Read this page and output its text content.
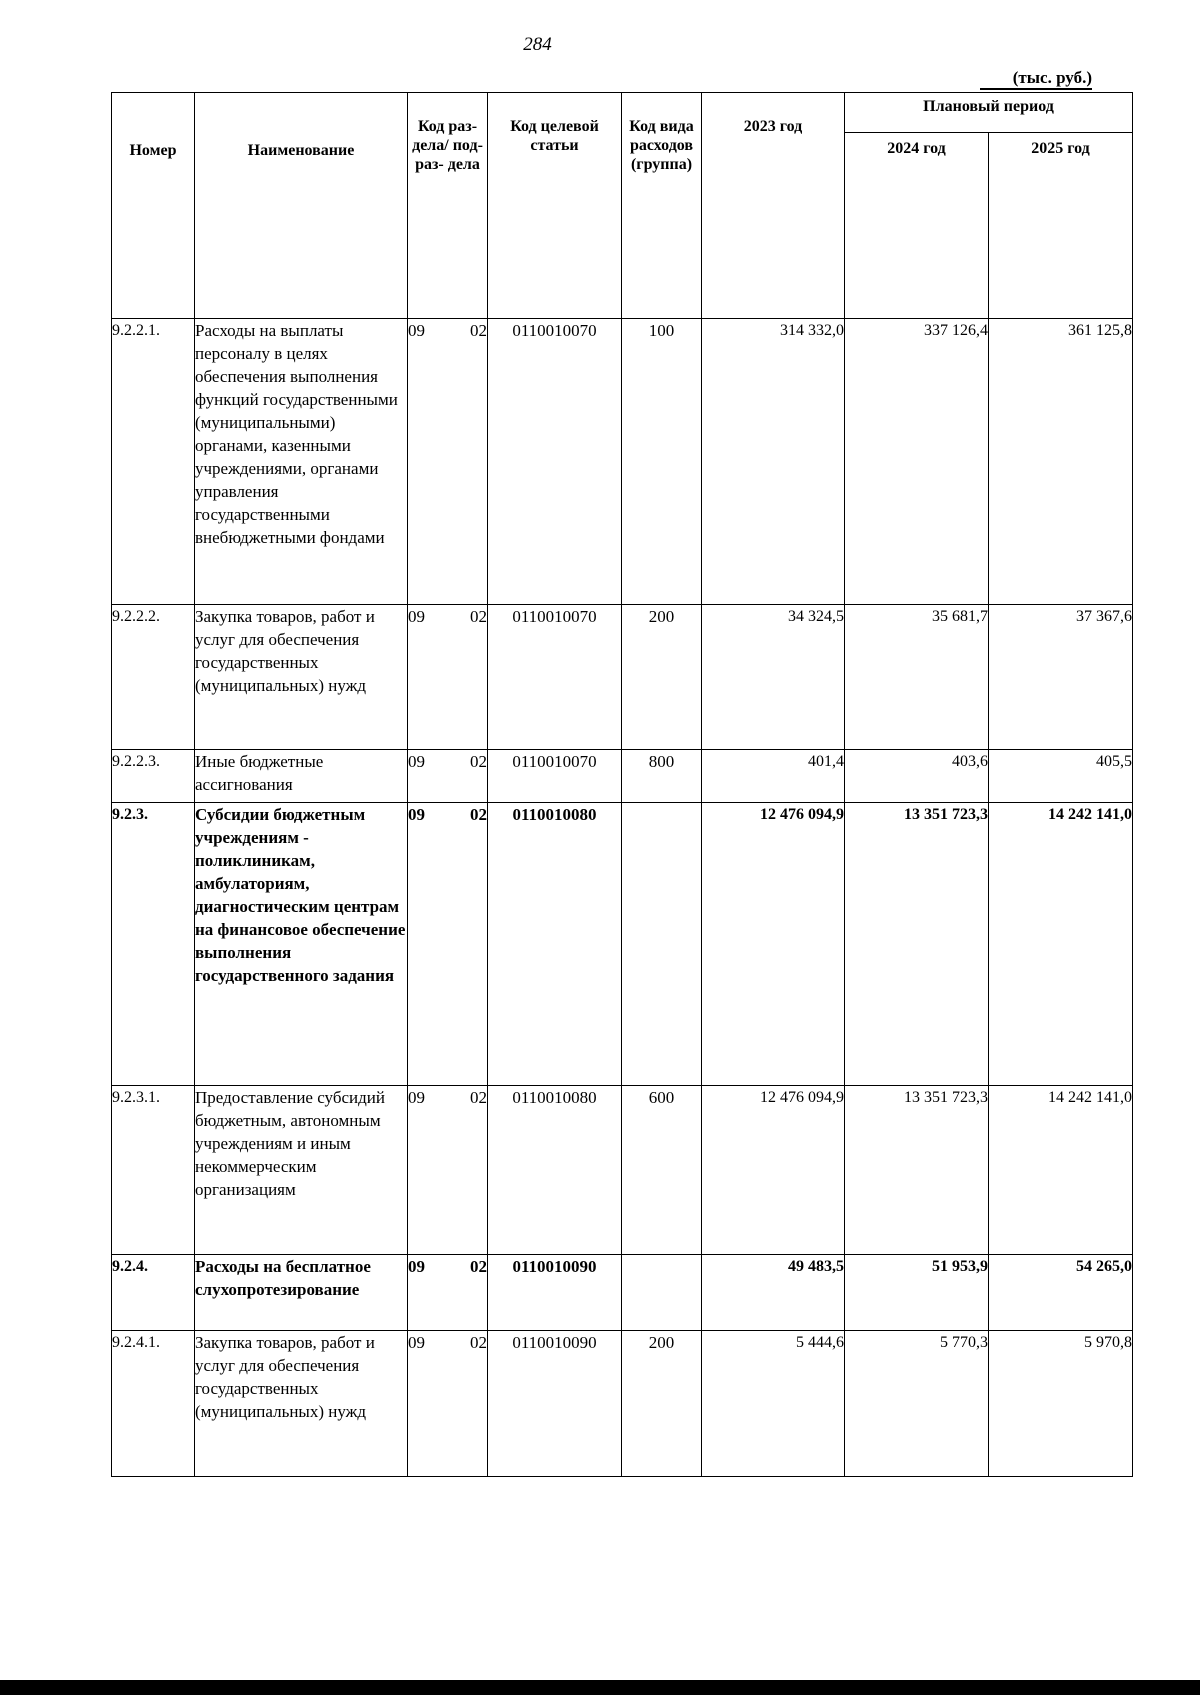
284
(тыс. руб.)
Номер	Наименование	Код раз- дела/ под- раз- дела	Код целевой статьи	Код вида расходов (группа)	2023 год	Плановый период	
						2024 год	2025 год
9.2.2.1.	Расходы на выплаты персоналу в целях обеспечения выполнения функций государственными (муниципальными) органами, казенными учреждениями, органами управления государственными внебюджетными фондами	09 02	0110010070	100	314 332,0	337 126,4	361 125,8
9.2.2.2.	Закупка товаров, работ и услуг для обеспечения государственных (муниципальных) нужд	09 02	0110010070	200	34 324,5	35 681,7	37 367,6
9.2.2.3.	Иные бюджетные ассигнования	09 02	0110010070	800	401,4	403,6	405,5
9.2.3.	Субсидии бюджетным учреждениям - поликлиникам, амбулаториям, диагностическим центрам на финансовое обеспечение выполнения государственного задания	09 02	0110010080		12 476 094,9	13 351 723,3	14 242 141,0
9.2.3.1.	Предоставление субсидий бюджетным, автономным учреждениям и иным некоммерческим организациям	09 02	0110010080	600	12 476 094,9	13 351 723,3	14 242 141,0
9.2.4.	Расходы на бесплатное слухопротезирование	09 02	0110010090		49 483,5	51 953,9	54 265,0
9.2.4.1.	Закупка товаров, работ и услуг для обеспечения государственных (муниципальных) нужд	09 02	0110010090	200	5 444,6	5 770,3	5 970,8
